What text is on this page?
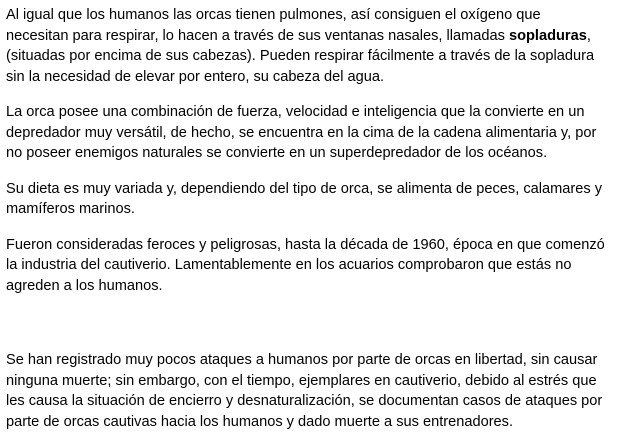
Al igual que los humanos las orcas tienen pulmones, así consiguen el oxígeno que
necesitan para respirar, lo hacen a través de sus ventanas nasales, llamadas sopladuras,
(situadas por encima de sus cabezas). Pueden respirar fácilmente a través de la sopladura
sin la necesidad de elevar por entero, su cabeza del agua.

La orca posee una combinación de fuerza, velocidad e inteligencia que la convierte en un
depredador muy versátil, de hecho, se encuentra en la cima de la cadena alimentaria y, por
no poseer enemigos naturales se convierte en un superdepredador de los océanos.

Su dieta es muy variada y, dependiendo del tipo de orca, se alimenta de peces, calamares y
mamíferos marinos.

Fueron consideradas feroces y peligrosas, hasta la década de 1960, época en que comenzó
la industria del cautiverio. Lamentablemente en los acuarios comprobaron que estás no
agreden a los humanos.

Se han registrado muy pocos ataques a humanos por parte de orcas en libertad, sin causar
ninguna muerte; sin embargo, con el tiempo, ejemplares en cautiverio, debido al estrés que
les causa la situación de encierro y desnaturalización, se documentan casos de ataques por
parte de orcas cautivas hacia los humanos y dado muerte a sus entrenadores.
